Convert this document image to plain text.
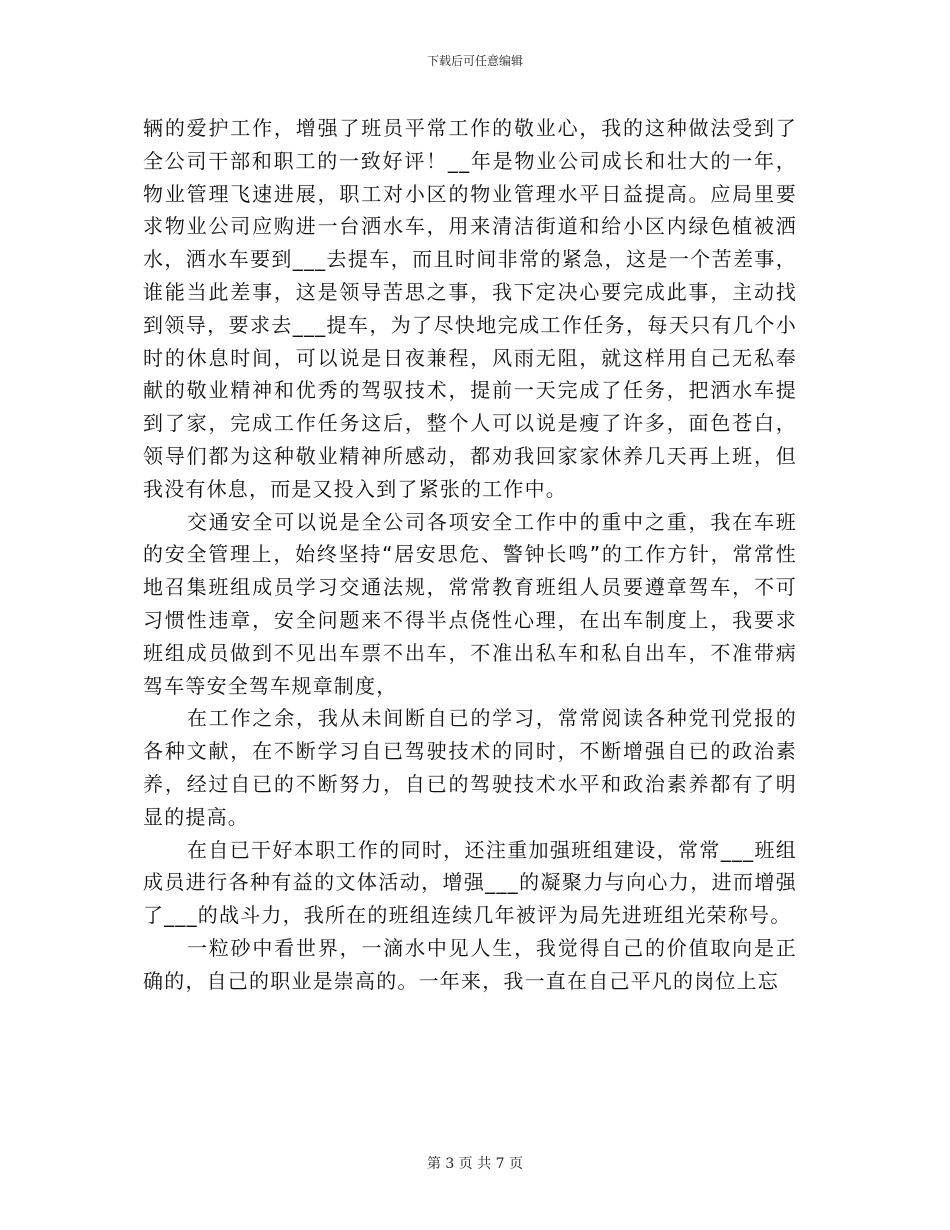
下载后可任意编辑

辆的爱护工作，增强了班员平常工作的敬业心，我的这种做法受到了全公司干部和职工的一致好评！__年是物业公司成长和壮大的一年，物业管理飞速进展，职工对小区的物业管理水平日益提高。应局里要求物业公司应购进一台洒水车，用来清洁街道和给小区内绿色植被洒水，洒水车要到___去提车，而且时间非常的紧急，这是一个苦差事，谁能当此差事，这是领导苦思之事，我下定决心要完成此事，主动找到领导，要求去___提车，为了尽快地完成工作任务，每天只有几个小时的休息时间，可以说是日夜兼程，风雨无阻，就这样用自己无私奉献的敬业精神和优秀的驾驭技术，提前一天完成了任务，把洒水车提到了家，完成工作任务这后，整个人可以说是瘦了许多，面色苍白，领导们都为这种敬业精神所感动，都劝我回家家休养几天再上班，但我没有休息，而是又投入到了紧张的工作中。

交通安全可以说是全公司各项安全工作中的重中之重，我在车班的安全管理上，始终坚持“居安思危、警钟长鸣”的工作方针，常常性地召集班组成员学习交通法规，常常教育班组人员要遵章驾车，不可习惯性违章，安全问题来不得半点侥性心理，在出车制度上，我要求班组成员做到不见出车票不出车，不准出私车和私自出车，不准带病驾车等安全驾车规章制度，

在工作之余，我从未间断自已的学习，常常阅读各种党刊党报的各种文献，在不断学习自已驾驶技术的同时，不断增强自已的政治素养，经过自已的不断努力，自已的驾驶技术水平和政治素养都有了明显的提高。

在自已干好本职工作的同时，还注重加强班组建设，常常___班组成员进行各种有益的文体活动，增强___的凝聚力与向心力，进而增强了___的战斗力，我所在的班组连续几年被评为局先进班组光荣称号。

一粒砂中看世界，一滴水中见人生，我觉得自己的价值取向是正确的，自己的职业是崇高的。一年来，我一直在自己平凡的岗位上忘

第 3 页 共 7 页
